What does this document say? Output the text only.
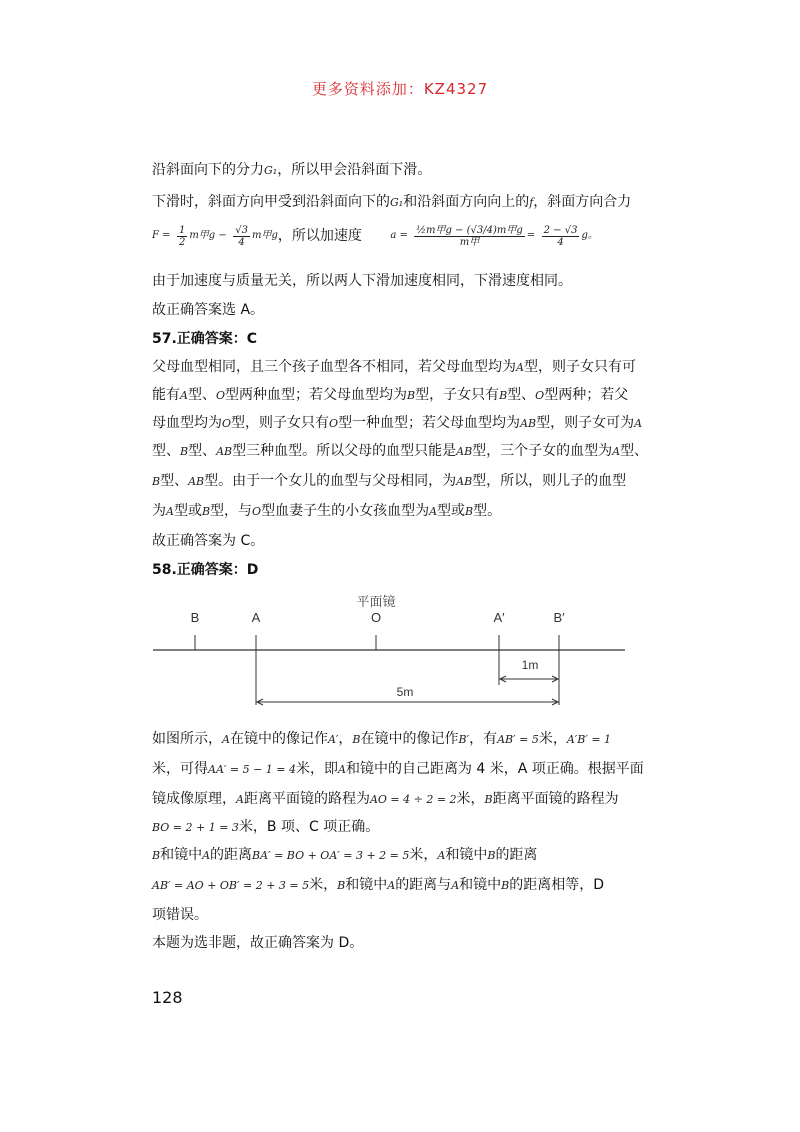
更多资料添加：KZ4327
沿斜面向下的分力G₁，所以甲会沿斜面下滑。
下滑时，斜面方向甲受到沿斜面向下的G₁和沿斜面方向向上的f，斜面方向合力
$F = \frac{1}{2}$ m甲$g - \frac{√3}{4}$ m甲g，所以加速度	$a = \frac{\text{½m甲g − (√3/4)m甲g}}{\text{m甲}} = \frac{2 - √3}{4}$ g。
由于加速度与质量无关，所以两人下滑加速度相同，下滑速度相同。
故正确答案选 A。
57.正确答案：C
父母血型相同，且三个孩子血型各不相同，若父母血型均为A型，则子女只有可
能有A型、O型两种血型；若父母血型均为B型，子女只有B型、O型两种；若父
母血型均为O型，则子女只有O型一种血型；若父母血型均为AB型，则子女可为A
型、B型、AB型三种血型。所以父母的血型只能是AB型，三个子女的血型为A型、
B型、AB型。由于一个女儿的血型与父母相同，为AB型，所以，则儿子的血型
为A型或B型，与O型血妻子生的小女孩血型为A型或B型。
故正确答案为 C。
58.正确答案：D
平面镜
B	A	O	A′	B′
1m
5m
如图所示，A在镜中的像记作A′，B在镜中的像记作B′，有AB′ = 5米，A′B′ = 1
米，可得AA′ = 5 − 1 = 4米，即A和镜中的自己距离为 4 米，A 项正确。根据平面
镜成像原理，A距离平面镜的路程为AO = 4 ÷ 2 = 2米，B距离平面镜的路程为
BO = 2 + 1 = 3米，B 项、C 项正确。
B和镜中A的距离BA′ = BO + OA′ = 3 + 2 = 5米，A和镜中B的距离
AB′ = AO + OB′ = 2 + 3 = 5米，B和镜中A的距离与A和镜中B的距离相等，D
项错误。
本题为选非题，故正确答案为 D。
128
